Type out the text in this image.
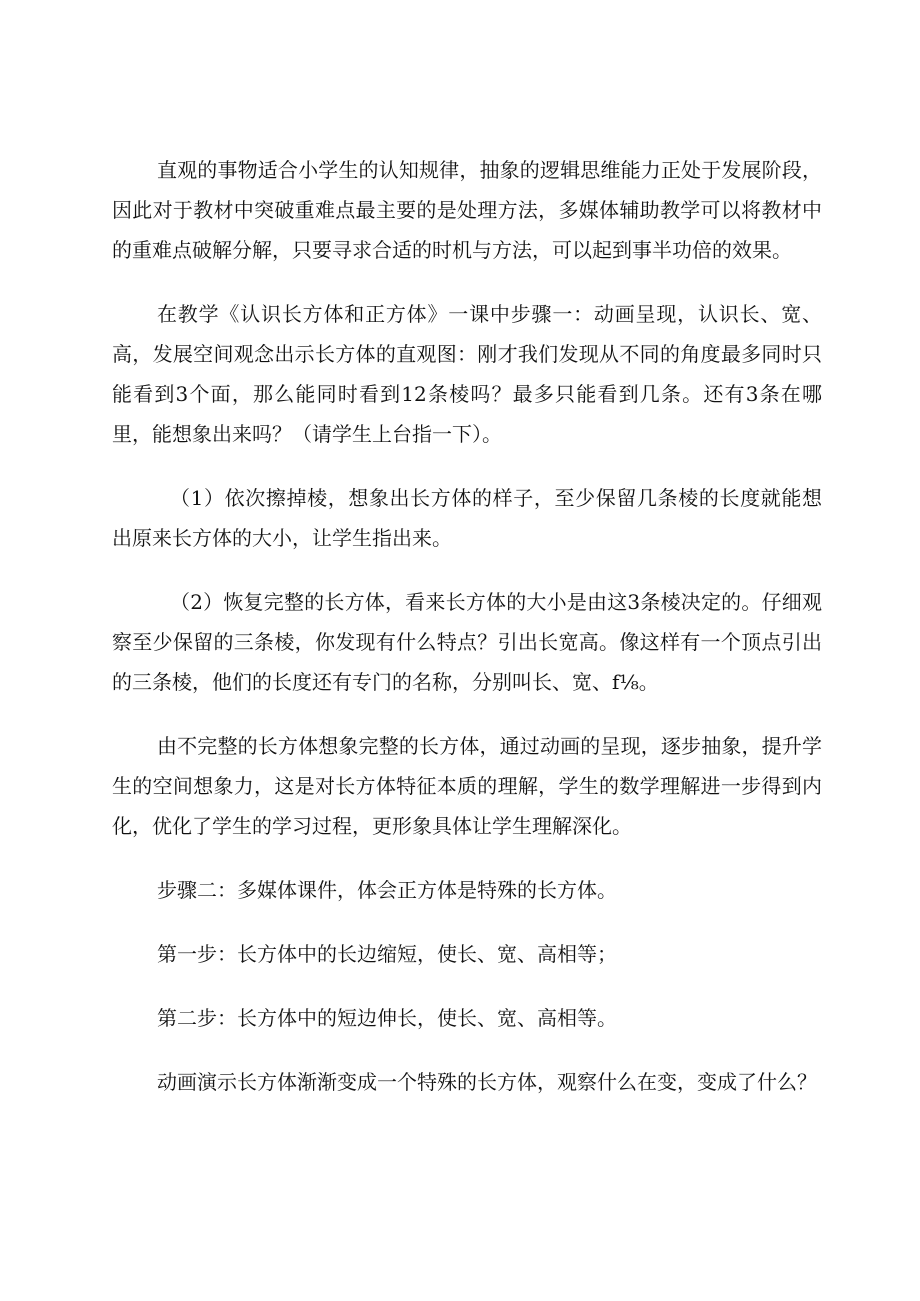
直观的事物适合小学生的认知规律，抽象的逻辑思维能力正处于发展阶段，因此对于教材中突破重难点最主要的是处理方法，多媒体辅助教学可以将教材中的重难点破解分解，只要寻求合适的时机与方法，可以起到事半功倍的效果。

在教学《认识长方体和正方体》一课中步骤一：动画呈现，认识长、宽、高，发展空间观念出示长方体的直观图：刚才我们发现从不同的角度最多同时只能看到3个面，那么能同时看到12条棱吗？最多只能看到几条。还有3条在哪里，能想象出来吗？（请学生上台指一下）。

（1）依次擦掉棱，想象出长方体的样子，至少保留几条棱的长度就能想出原来长方体的大小，让学生指出来。

（2）恢复完整的长方体，看来长方体的大小是由这3条棱决定的。仔细观察至少保留的三条棱，你发现有什么特点？引出长宽高。像这样有一个顶点引出的三条棱，他们的长度还有专门的名称，分别叫长、宽、f⅛。

由不完整的长方体想象完整的长方体，通过动画的呈现，逐步抽象，提升学生的空间想象力，这是对长方体特征本质的理解，学生的数学理解进一步得到内化，优化了学生的学习过程，更形象具体让学生理解深化。

步骤二：多媒体课件，体会正方体是特殊的长方体。

第一步：长方体中的长边缩短，使长、宽、高相等；

第二步：长方体中的短边伸长，使长、宽、高相等。

动画演示长方体渐渐变成一个特殊的长方体，观察什么在变，变成了什么？
